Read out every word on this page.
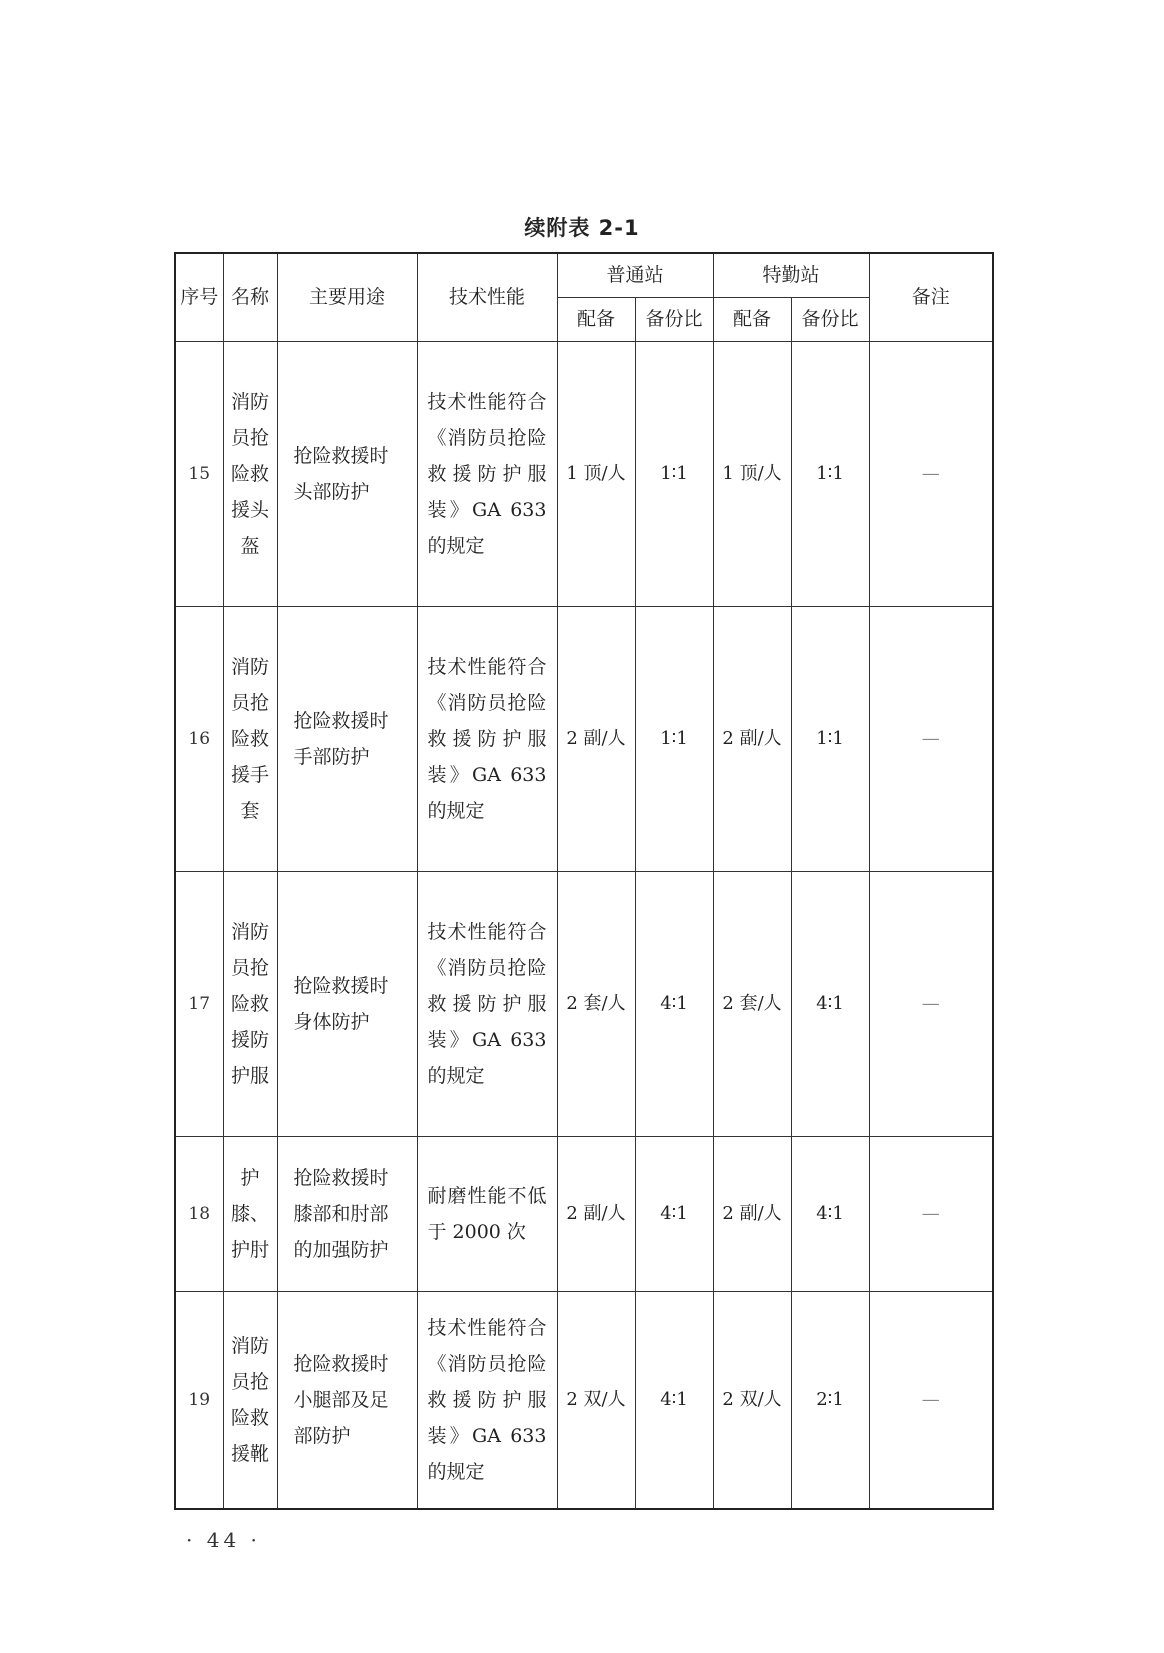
续附表 2-1
序号	名称	主要用途	技术性能	普通站		特勤站		备注
				配备	备份比	配备	备份比	
15	消防员抢险救援头盔	抢险救援时头部防护	技术性能符合《消防员抢险救援防护服装》GA 633 的规定	1 顶/人	1∶1	1 顶/人	1∶1	—
16	消防员抢险救援手套	抢险救援时手部防护	技术性能符合《消防员抢险救援防护服装》GA 633 的规定	2 副/人	1∶1	2 副/人	1∶1	—
17	消防员抢险救援防护服	抢险救援时身体防护	技术性能符合《消防员抢险救援防护服装》GA 633 的规定	2 套/人	4∶1	2 套/人	4∶1	—
18	护膝、护肘	抢险救援时膝部和肘部的加强防护	耐磨性能不低于 2000 次	2 副/人	4∶1	2 副/人	4∶1	—
19	消防员抢险救援靴	抢险救援时小腿部及足部防护	技术性能符合《消防员抢险救援防护服装》GA 633 的规定	2 双/人	4∶1	2 双/人	2∶1	—
· 44 ·
